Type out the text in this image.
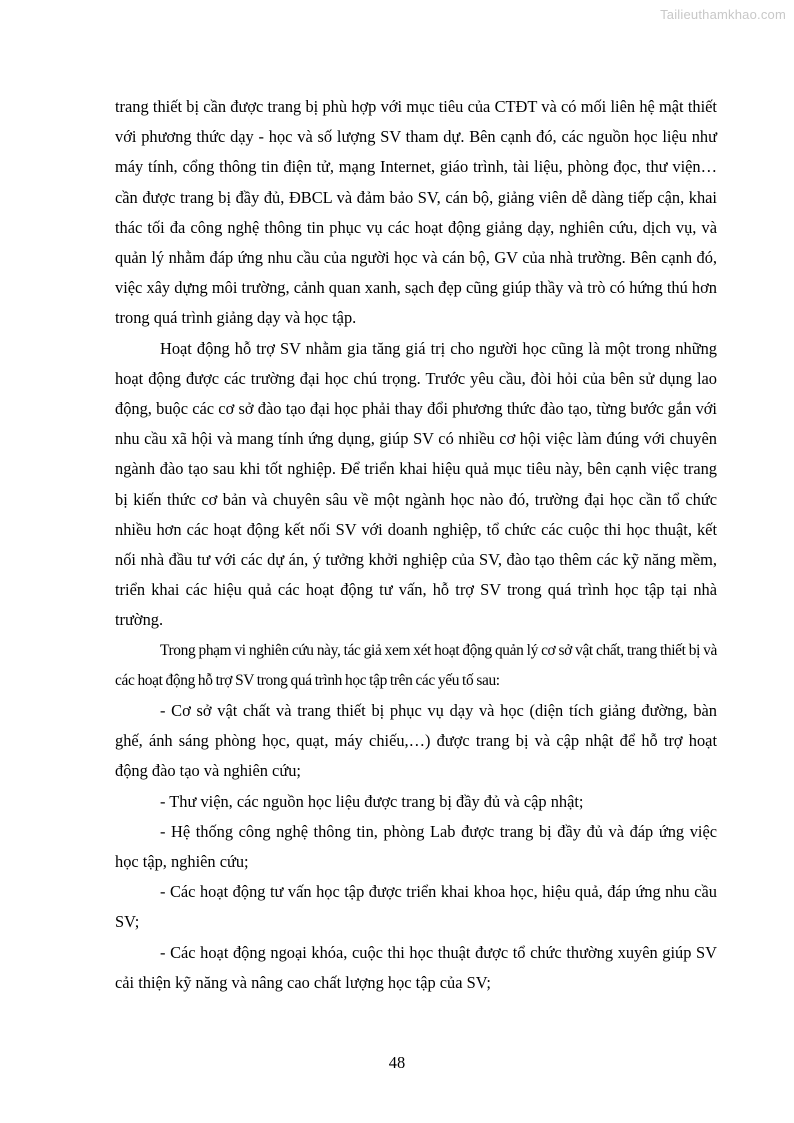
Tailieuthamkhao.com

trang thiết bị cần được trang bị phù hợp với mục tiêu của CTĐT và có mối liên hệ mật thiết với phương thức dạy - học và số lượng SV tham dự. Bên cạnh đó, các nguồn học liệu như máy tính, cổng thông tin điện tử, mạng Internet, giáo trình, tài liệu, phòng đọc, thư viện… cần được trang bị đầy đủ, ĐBCL và đảm bảo SV, cán bộ, giảng viên dễ dàng tiếp cận, khai thác tối đa công nghệ thông tin phục vụ các hoạt động giảng dạy, nghiên cứu, dịch vụ, và quản lý nhằm đáp ứng nhu cầu của người học và cán bộ, GV của nhà trường. Bên cạnh đó, việc xây dựng môi trường, cảnh quan xanh, sạch đẹp cũng giúp thầy và trò có hứng thú hơn trong quá trình giảng dạy và học tập.

Hoạt động hỗ trợ SV nhằm gia tăng giá trị cho người học cũng là một trong những hoạt động được các trường đại học chú trọng. Trước yêu cầu, đòi hỏi của bên sử dụng lao động, buộc các cơ sở đào tạo đại học phải thay đổi phương thức đào tạo, từng bước gắn với nhu cầu xã hội và mang tính ứng dụng, giúp SV có nhiều cơ hội việc làm đúng với chuyên ngành đào tạo sau khi tốt nghiệp. Để triển khai hiệu quả mục tiêu này, bên cạnh việc trang bị kiến thức cơ bản và chuyên sâu về một ngành học nào đó, trường đại học cần tổ chức nhiều hơn các hoạt động kết nối SV với doanh nghiệp, tổ chức các cuộc thi học thuật, kết nối nhà đầu tư với các dự án, ý tưởng khởi nghiệp của SV, đào tạo thêm các kỹ năng mềm, triển khai các hiệu quả các hoạt động tư vấn, hỗ trợ SV trong quá trình học tập tại nhà trường.

Trong phạm vi nghiên cứu này, tác giả xem xét hoạt động quản lý cơ sở vật chất, trang thiết bị và các hoạt động hỗ trợ SV trong quá trình học tập trên các yếu tố sau:

- Cơ sở vật chất và trang thiết bị phục vụ dạy và học (diện tích giảng đường, bàn ghế, ánh sáng phòng học, quạt, máy chiếu,…) được trang bị và cập nhật để hỗ trợ hoạt động đào tạo và nghiên cứu;

- Thư viện, các nguồn học liệu được trang bị đầy đủ và cập nhật;

- Hệ thống công nghệ thông tin, phòng Lab được trang bị đầy đủ và đáp ứng việc học tập, nghiên cứu;

- Các hoạt động tư vấn học tập được triển khai khoa học, hiệu quả, đáp ứng nhu cầu SV;

- Các hoạt động ngoại khóa, cuộc thi học thuật được tổ chức thường xuyên giúp SV cải thiện kỹ năng và nâng cao chất lượng học tập của SV;

48
